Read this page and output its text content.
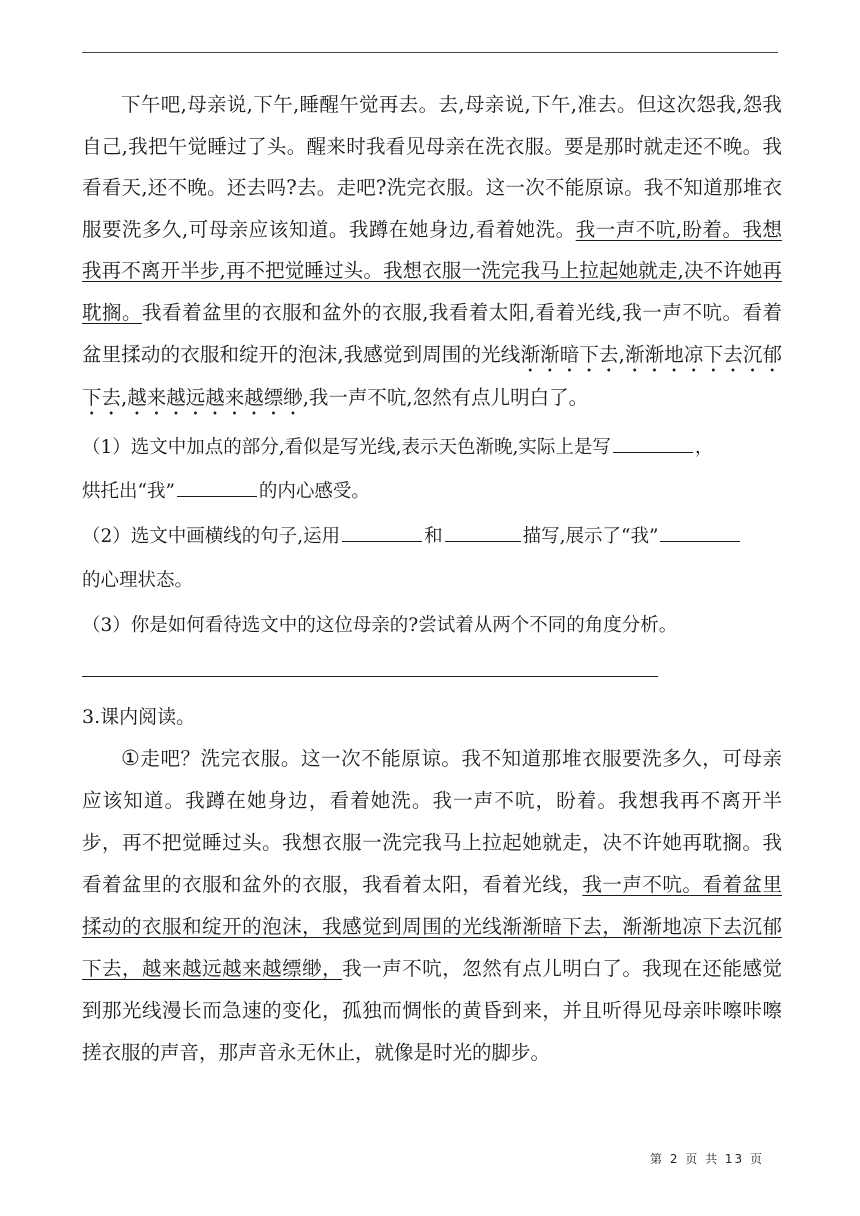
下午吧,母亲说,下午,睡醒午觉再去。去,母亲说,下午,准去。但这次怨我,怨我自己,我把午觉睡过了头。醒来时我看见母亲在洗衣服。要是那时就走还不晚。我看看天,还不晚。还去吗?去。走吧?洗完衣服。这一次不能原谅。我不知道那堆衣服要洗多久,可母亲应该知道。我蹲在她身边,看着她洗。我一声不吭,盼着。我想我再不离开半步,再不把觉睡过头。我想衣服一洗完我马上拉起她就走,决不许她再耽搁。我看着盆里的衣服和盆外的衣服,我看着太阳,看着光线,我一声不吭。看着盆里揉动的衣服和绽开的泡沫,我感觉到周围的光线渐渐暗下去,渐渐地凉下去沉郁下去,越来越远越来越缥缈,我一声不吭,忽然有点儿明白了。

（1）选文中加点的部分,看似是写光线,表示天色渐晚,实际上是写	，
烘托出“我”	的内心感受。

（2）选文中画横线的句子,运用	和	描写,展示了“我”
的心理状态。

（3）你是如何看待选文中的这位母亲的?尝试着从两个不同的角度分析。

3.课内阅读。

①走吧？洗完衣服。这一次不能原谅。我不知道那堆衣服要洗多久，可母亲应该知道。我蹲在她身边，看着她洗。我一声不吭，盼着。我想我再不离开半步，再不把觉睡过头。我想衣服一洗完我马上拉起她就走，决不许她再耽搁。我看着盆里的衣服和盆外的衣服，我看着太阳，看着光线，我一声不吭。看着盆里揉动的衣服和绽开的泡沫，我感觉到周围的光线渐渐暗下去，渐渐地凉下去沉郁下去，越来越远越来越缥缈，我一声不吭，忽然有点儿明白了。我现在还能感觉到那光线漫长而急速的变化，孤独而惆怅的黄昏到来，并且听得见母亲咔嚓咔嚓搓衣服的声音，那声音永无休止，就像是时光的脚步。

第 2 页 共 13 页
